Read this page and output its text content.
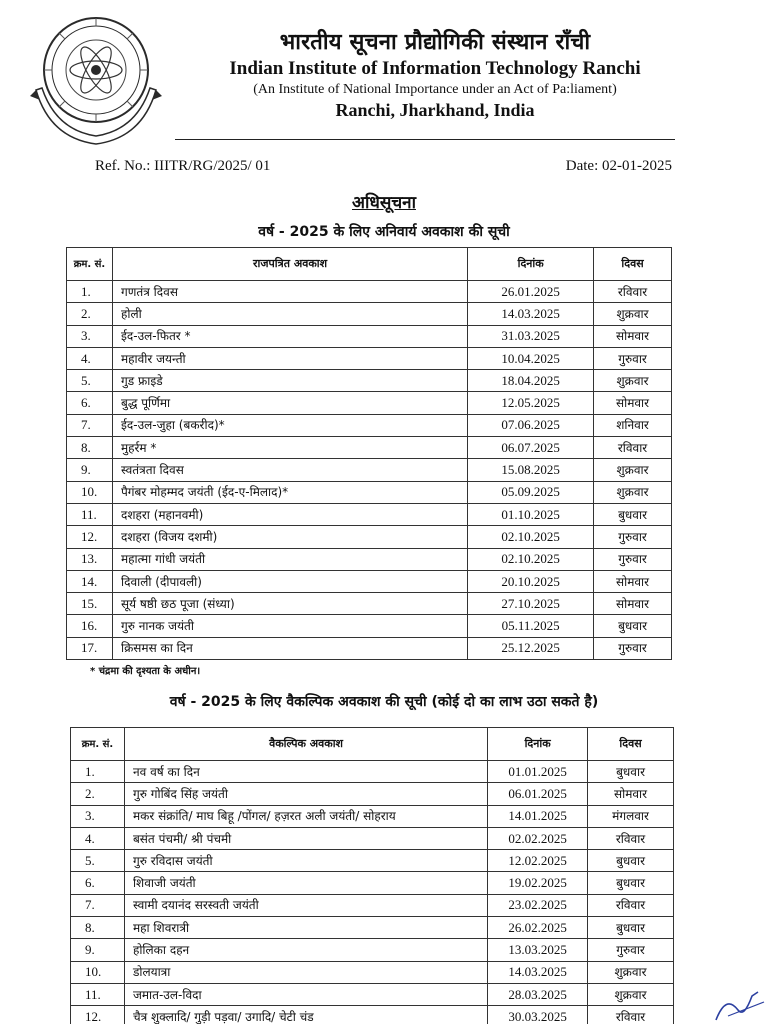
भारतीय सूचना प्रौद्योगिकी संस्थान राँची
Indian Institute of Information Technology Ranchi
(An Institute of National Importance under an Act of Pa:liament)
Ranchi, Jharkhand, India
Ref. No.: IIITR/RG/2025/ 01	Date: 02-01-2025
अधिसूचना
वर्ष - 2025 के लिए अनिवार्य अवकाश की सूची
क्रम. सं.	राजपत्रित अवकाश	दिनांक	दिवस
1.	गणतंत्र दिवस	26.01.2025	रविवार
2.	होली	14.03.2025	शुक्रवार
3.	ईद-उल-फितर *	31.03.2025	सोमवार
4.	महावीर जयन्ती	10.04.2025	गुरुवार
5.	गुड फ्राइडे	18.04.2025	शुक्रवार
6.	बुद्ध पूर्णिमा	12.05.2025	सोमवार
7.	ईद-उल-जुहा (बकरीद)*	07.06.2025	शनिवार
8.	मुहर्रम *	06.07.2025	रविवार
9.	स्वतंत्रता दिवस	15.08.2025	शुक्रवार
10.	पैगंबर मोहम्मद जयंती (ईद-ए-मिलाद)*	05.09.2025	शुक्रवार
11.	दशहरा (महानवमी)	01.10.2025	बुधवार
12.	दशहरा (विजय दशमी)	02.10.2025	गुरुवार
13.	महात्मा गांधी जयंती	02.10.2025	गुरुवार
14.	दिवाली (दीपावली)	20.10.2025	सोमवार
15.	सूर्य षष्ठी छठ पूजा (संध्या)	27.10.2025	सोमवार
16.	गुरु नानक जयंती	05.11.2025	बुधवार
17.	क्रिसमस का दिन	25.12.2025	गुरुवार
* चंद्रमा की दृश्यता के अधीन।
वर्ष - 2025 के लिए वैकल्पिक अवकाश की सूची (कोई दो का लाभ उठा सकते है)
क्रम. सं.	वैकल्पिक अवकाश	दिनांक	दिवस
1.	नव वर्ष का दिन	01.01.2025	बुधवार
2.	गुरु गोबिंद सिंह जयंती	06.01.2025	सोमवार
3.	मकर संक्रांति/ माघ बिहू /पोंगल/ हज़रत अली जयंती/ सोहराय	14.01.2025	मंगलवार
4.	बसंत पंचमी/ श्री पंचमी	02.02.2025	रविवार
5.	गुरु रविदास जयंती	12.02.2025	बुधवार
6.	शिवाजी जयंती	19.02.2025	बुधवार
7.	स्वामी दयानंद सरस्वती जयंती	23.02.2025	रविवार
8.	महा शिवरात्री	26.02.2025	बुधवार
9.	होलिका दहन	13.03.2025	गुरुवार
10.	डोलयात्रा	14.03.2025	शुक्रवार
11.	जमात-उल-विदा	28.03.2025	शुक्रवार
12.	चैत्र शुक्लादि/ गुड़ी पड़वा/ उगादि/ चेटी चंड	30.03.2025	रविवार
